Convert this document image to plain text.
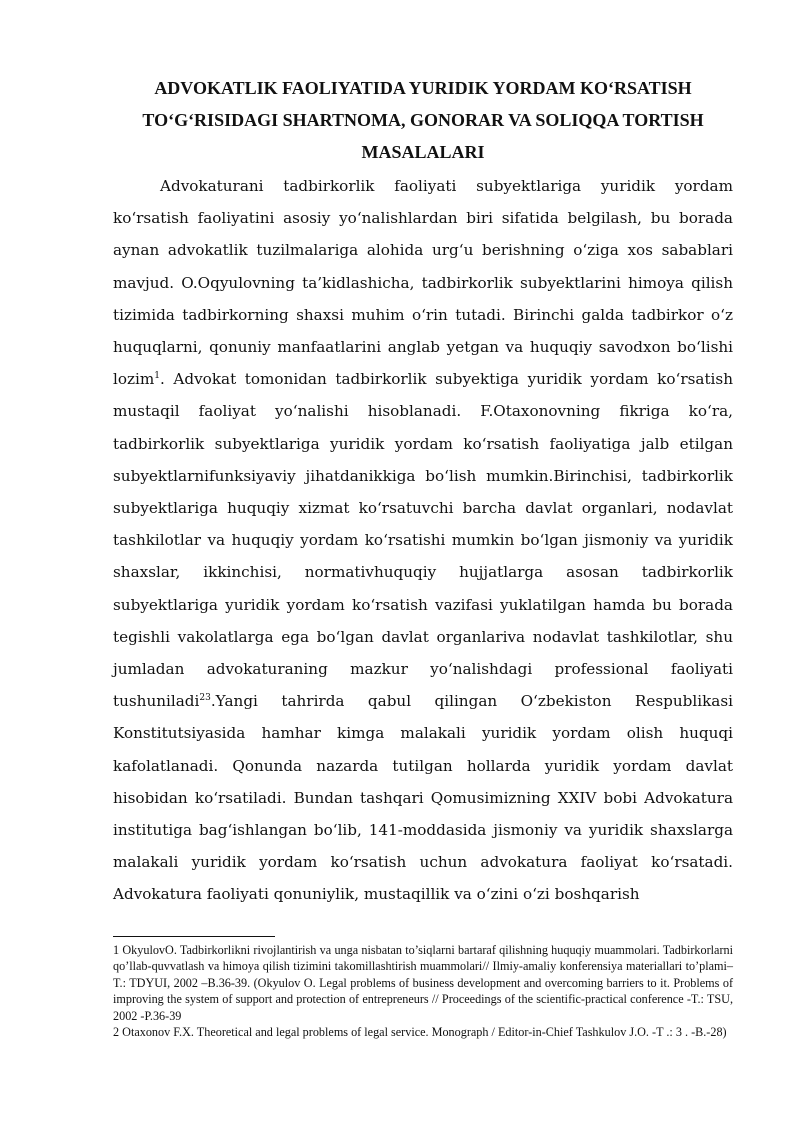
ADVOKATLIK FAOLIYATIDA YURIDIK YORDAM KO‘RSATISH
TO‘G‘RISIDAGI SHARTNOMA, GONORAR VA SOLIQQA TORTISH
MASALALARI

Advokaturani tadbirkorlik faoliyati subyektlariga yuridik yordam ko‘rsatish faoliyatini asosiy yo‘nalishlardan biri sifatida belgilash, bu borada aynan advokatlik tuzilmalariga alohida urg‘u berishning o‘ziga xos sabablari mavjud. O.Oqyulovning ta’kidlashicha, tadbirkorlik subyektlarini himoya qilish tizimida tadbirkorning shaxsi muhim o‘rin tutadi. Birinchi galda tadbirkor o‘z huquqlarni, qonuniy manfaatlarini anglab yetgan va huquqiy savodxon bo‘lishi lozim$^1$. Advokat tomonidan tadbirkorlik subyektiga yuridik yordam ko‘rsatish mustaqil faoliyat yo‘nalishi hisoblanadi. F.Otaxonovning fikriga ko‘ra, tadbirkorlik subyektlariga yuridik yordam ko‘rsatish faoliyatiga jalb etilgan subyektlarnifunksiyaviy jihatdanikkiga bo‘lish mumkin.Birinchisi, tadbirkorlik subyektlariga huquqiy xizmat ko‘rsatuvchi barcha davlat organlari, nodavlat tashkilotlar va huquqiy yordam ko‘rsatishi mumkin bo‘lgan jismoniy va yuridik shaxslar, ikkinchisi, normativhuquqiy hujjatlarga asosan tadbirkorlik subyektlariga yuridik yordam ko‘rsatish vazifasi yuklatilgan hamda bu borada tegishli vakolatlarga ega bo‘lgan davlat organlariva nodavlat tashkilotlar, shu jumladan advokaturaning mazkur yo‘nalishdagi professional faoliyati tushuniladi$^{23}$.Yangi tahrirda qabul qilingan O‘zbekiston Respublikasi Konstitutsiyasida hamhar kimga malakali yuridik yordam olish huquqi kafolatlanadi. Qonunda nazarda tutilgan hollarda yuridik yordam davlat hisobidan ko‘rsatiladi. Bundan tashqari Qomusimizning XXIV bobi Advokatura institutiga bag‘ishlangan bo‘lib, 141-moddasida jismoniy va yuridik shaxslarga malakali yuridik yordam ko‘rsatish uchun advokatura faoliyat ko‘rsatadi. Advokatura faoliyati qonuniylik, mustaqillik va o‘zini o‘zi boshqarish

1 OkyulovO. Tadbirkorlikni rivojlantirish va unga nisbatan to’siqlarni bartaraf qilishning huquqiy muammolari. Tadbirkorlarni qo’llab-quvvatlash va himoya qilish tizimini takomillashtirish muammolari// Ilmiy-amaliy konferensiya materiallari to’plami–T.: TDYUI, 2002 –B.36-39. (Okyulov O. Legal problems of business development and overcoming barriers to it. Problems of improving the system of support and protection of entrepreneurs // Proceedings of the scientific-practical conference -T.: TSU, 2002 -P.36-39

2 Otaxonov F.X. Theoretical and legal problems of legal service. Monograph / Editor-in-Chief Tashkulov J.O. -T .: 3 . -B.-28)
